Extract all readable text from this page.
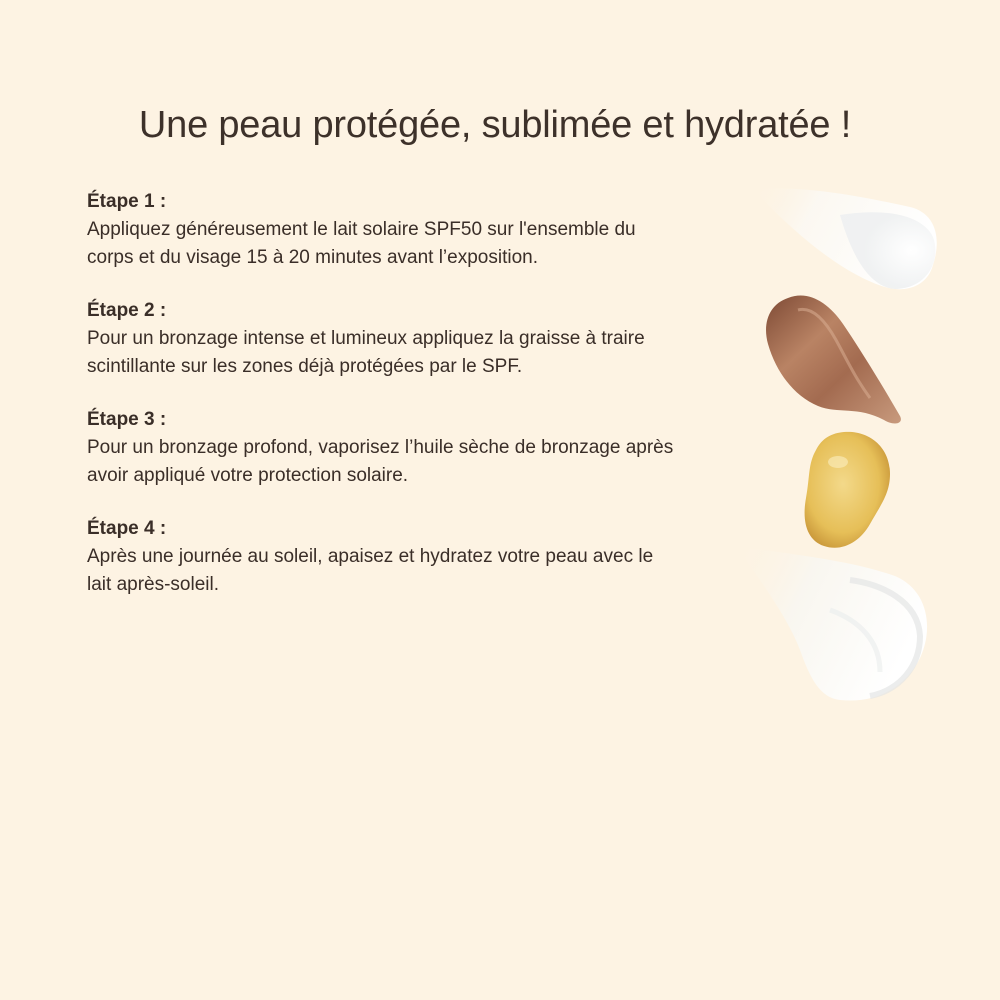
Une peau protégée, sublimée et hydratée !

Étape 1 :

Appliquez généreusement le lait solaire SPF50 sur l'ensemble du corps et du visage 15 à 20 minutes avant l’exposition.

Étape 2 :

Pour un bronzage intense et lumineux appliquez la graisse à traire scintillante sur les zones déjà protégées par le SPF.

Étape 3 :

Pour un bronzage profond, vaporisez l’huile sèche de bronzage après avoir appliqué votre protection solaire.

Étape 4 :

Après une journée au soleil, apaisez et hydratez votre peau avec le lait après-soleil.
